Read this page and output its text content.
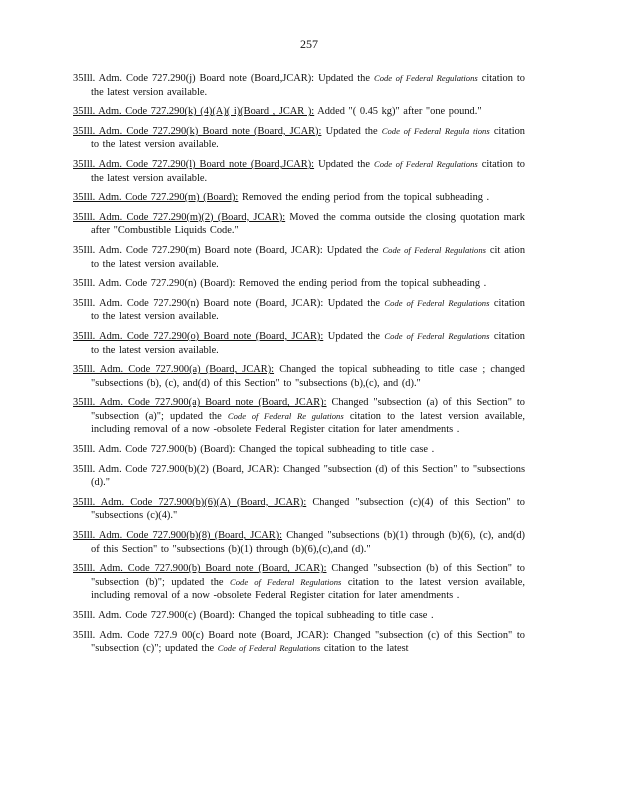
257

35Ill. Adm. Code 727.290(j) Board note (Board,JCAR): Updated the Code of Federal Regulations citation to the latest version available.

35Ill. Adm. Code 727.290(k) (4)(A)( i)(Board , JCAR ): Added "( 0.45 kg)" after "one pound."

35Ill. Adm. Code 727.290(k) Board note (Board, JCAR): Updated the Code of Federal Regula tions citation to the latest version available.

35Ill. Adm. Code 727.290(l) Board note (Board,JCAR): Updated the Code of Federal Regulations citation to the latest version available.

35Ill. Adm. Code 727.290(m) (Board): Removed the ending period from the topical subheading .

35Ill. Adm. Code 727.290(m)(2) (Board, JCAR): Moved the comma outside the closing quotation mark after "Combustible Liquids Code."

35Ill. Adm. Code 727.290(m) Board note (Board, JCAR): Updated the Code of Federal Regulations cit ation to the latest version available.

35Ill. Adm. Code 727.290(n) (Board): Removed the ending period from the topical subheading .

35Ill. Adm. Code 727.290(n) Board note (Board, JCAR): Updated the Code of Federal Regulations citation to the latest version available.

35Ill. Adm. Code 727.290(o) Board note (Board, JCAR): Updated the Code of Federal Regulations citation to the latest version available.

35Ill. Adm. Code 727.900(a) (Board, JCAR): Changed the topical subheading to title case ; changed "subsections (b), (c), and(d) of this Section" to "subsections (b),(c), and (d)."

35Ill. Adm. Code 727.900(a) Board note (Board, JCAR): Changed "subsection (a) of this Section" to "subsection (a)"; updated the Code of Federal Re gulations citation to the latest version available, including removal of a now -obsolete Federal Register citation for later amendments .

35Ill. Adm. Code 727.900(b) (Board): Changed the topical subheading to title case .

35Ill. Adm. Code 727.900(b)(2) (Board, JCAR): Changed "subsection (d) of this Section" to "subsections (d)."

35Ill. Adm. Code 727.900(b)(6)(A) (Board, JCAR): Changed "subsection (c)(4) of this Section" to "subsections (c)(4)."

35Ill. Adm. Code 727.900(b)(8) (Board, JCAR): Changed "subsections (b)(1) through (b)(6), (c), and(d) of this Section" to "subsections (b)(1) through (b)(6),(c),and (d)."

35Ill. Adm. Code 727.900(b) Board note (Board, JCAR): Changed "subsection (b) of this Section" to "subsection (b)"; updated the Code of Federal Regulations citation to the latest version available, including removal of a now -obsolete Federal Register citation for later amendments .

35Ill. Adm. Code 727.900(c) (Board): Changed the topical subheading to title case .

35Ill. Adm. Code 727.9 00(c) Board note (Board, JCAR): Changed "subsection (c) of this Section" to "subsection (c)"; updated the Code of Federal Regulations citation to the latest
